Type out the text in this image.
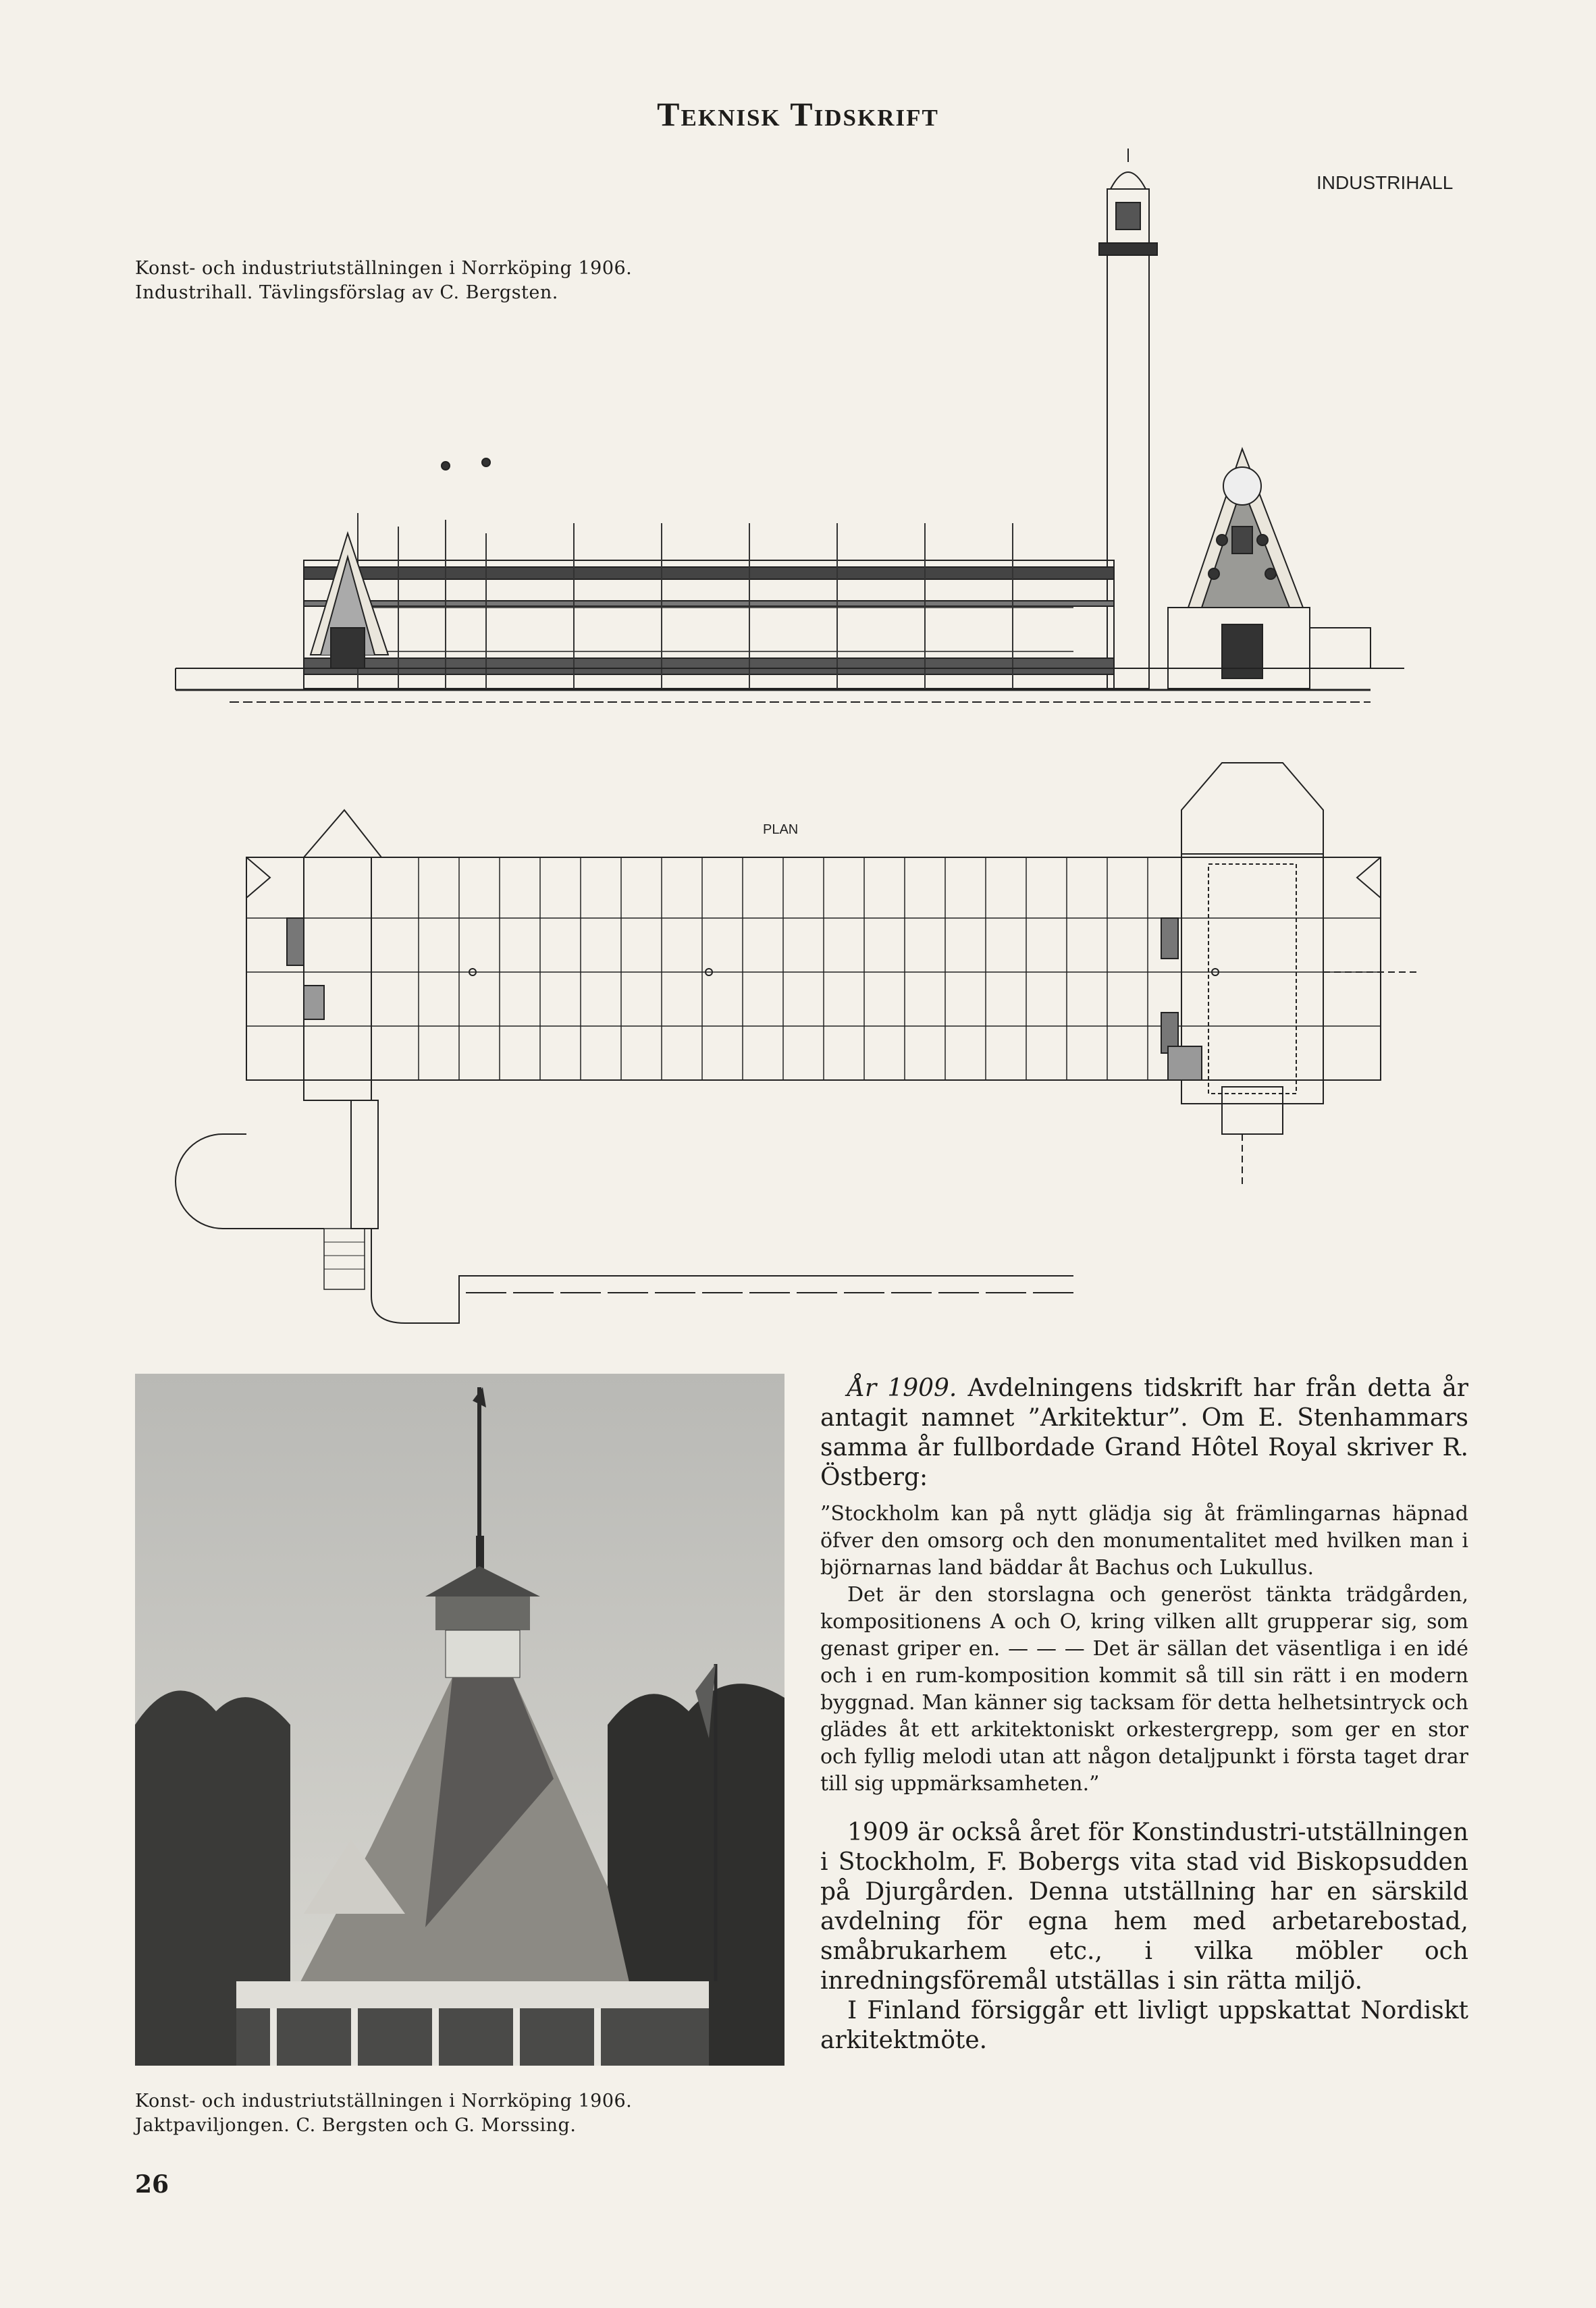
Teknisk Tidskrift
Konst- och industriutställningen i Norrköping 1906.
Industrihall. Tävlingsförslag av C. Bergsten.
INDUSTRIHALL
PLAN
Konst- och industriutställningen i Norrköping 1906.
Jaktpaviljongen. C. Bergsten och G. Morssing.

År 1909. Avdelningens tidskrift har från detta år antagit namnet ”Arkitektur”. Om E. Stenhammars samma år fullbordade Grand Hôtel Royal skriver R. Östberg:

”Stockholm kan på nytt glädja sig åt främlingarnas häpnad öfver den omsorg och den monumentalitet med hvilken man i björnarnas land bäddar åt Bachus och Lukullus.

Det är den storslagna och generöst tänkta trädgården, kompositionens A och O, kring vilken allt grupperar sig, som genast griper en. — — — Det är sällan det väsentliga i en idé och i en rum-komposition kommit så till sin rätt i en modern byggnad. Man känner sig tacksam för detta helhetsintryck och glädes åt ett arkitektoniskt orkestergrepp, som ger en stor och fyllig melodi utan att någon detaljpunkt i första taget drar till sig uppmärksamheten.”

1909 är också året för Konstindustri-utställningen i Stockholm, F. Bobergs vita stad vid Biskopsudden på Djurgården. Denna utställning har en särskild avdelning för egna hem med arbetarebostad, småbrukarhem etc., i vilka möbler och inredningsföremål utställas i sin rätta miljö.

I Finland försiggår ett livligt uppskattat Nordiskt arkitektmöte.

26
